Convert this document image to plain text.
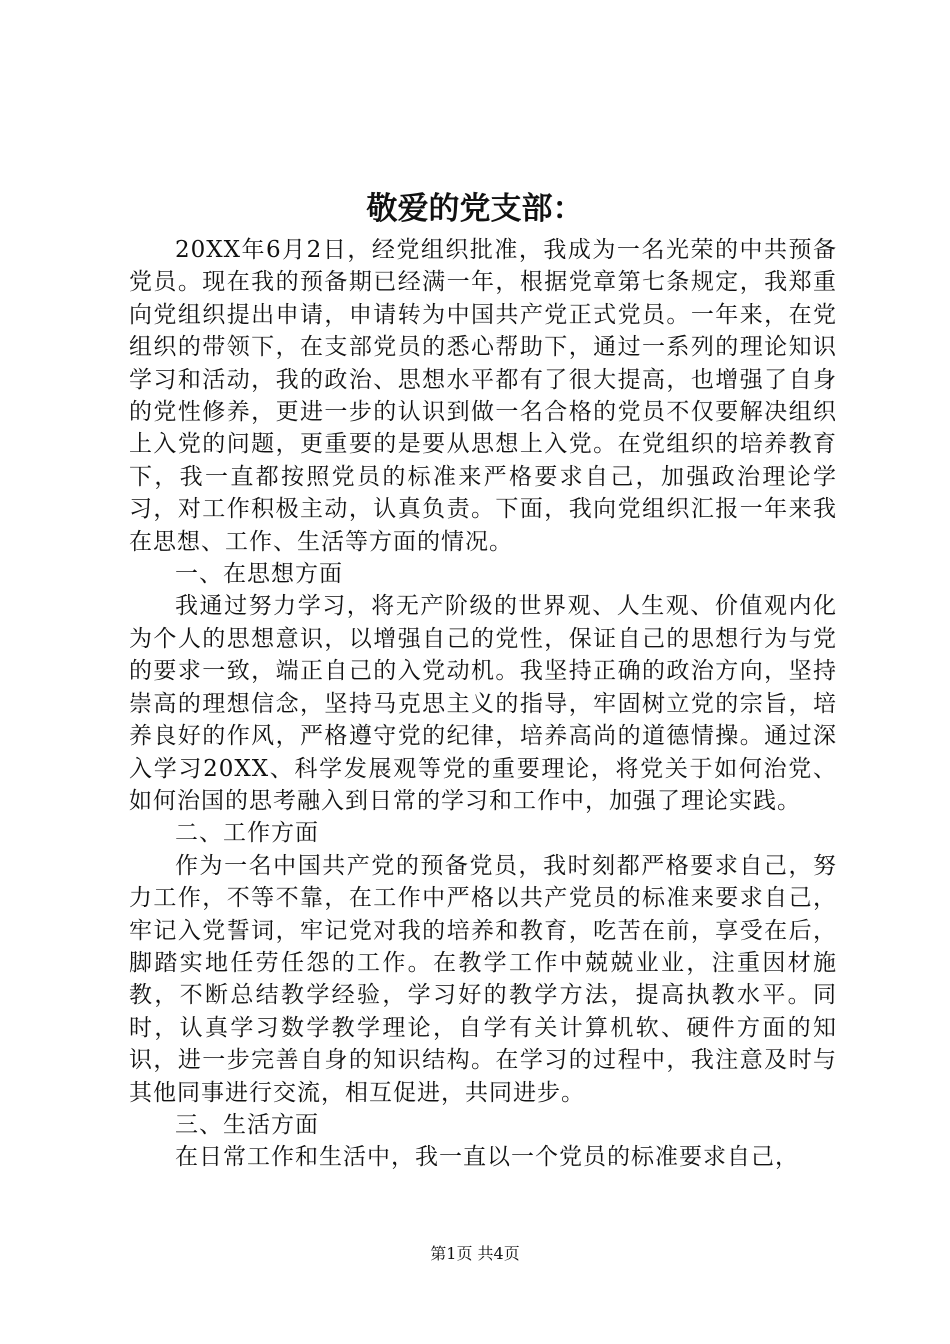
敬爱的党支部：

20XX年6月2日，经党组织批准，我成为一名光荣的中共预备党员。现在我的预备期已经满一年，根据党章第七条规定，我郑重向党组织提出申请，申请转为中国共产党正式党员。一年来，在党组织的带领下，在支部党员的悉心帮助下，通过一系列的理论知识学习和活动，我的政治、思想水平都有了很大提高，也增强了自身的党性修养，更进一步的认识到做一名合格的党员不仅要解决组织上入党的问题，更重要的是要从思想上入党。在党组织的培养教育下，我一直都按照党员的标准来严格要求自己，加强政治理论学习，对工作积极主动，认真负责。下面，我向党组织汇报一年来我在思想、工作、生活等方面的情况。

一、在思想方面

我通过努力学习，将无产阶级的世界观、人生观、价值观内化为个人的思想意识，以增强自己的党性，保证自己的思想行为与党的要求一致，端正自己的入党动机。我坚持正确的政治方向，坚持崇高的理想信念，坚持马克思主义的指导，牢固树立党的宗旨，培养良好的作风，严格遵守党的纪律，培养高尚的道德情操。通过深入学习20XX、科学发展观等党的重要理论，将党关于如何治党、如何治国的思考融入到日常的学习和工作中，加强了理论实践。

二、工作方面

作为一名中国共产党的预备党员，我时刻都严格要求自己，努力工作，不等不靠，在工作中严格以共产党员的标准来要求自己，牢记入党誓词，牢记党对我的培养和教育，吃苦在前，享受在后，脚踏实地任劳任怨的工作。在教学工作中兢兢业业，注重因材施教，不断总结教学经验，学习好的教学方法，提高执教水平。同时，认真学习数学教学理论，自学有关计算机软、硬件方面的知识，进一步完善自身的知识结构。在学习的过程中，我注意及时与其他同事进行交流，相互促进，共同进步。

三、生活方面

在日常工作和生活中，我一直以一个党员的标准要求自己，

第1页 共4页
